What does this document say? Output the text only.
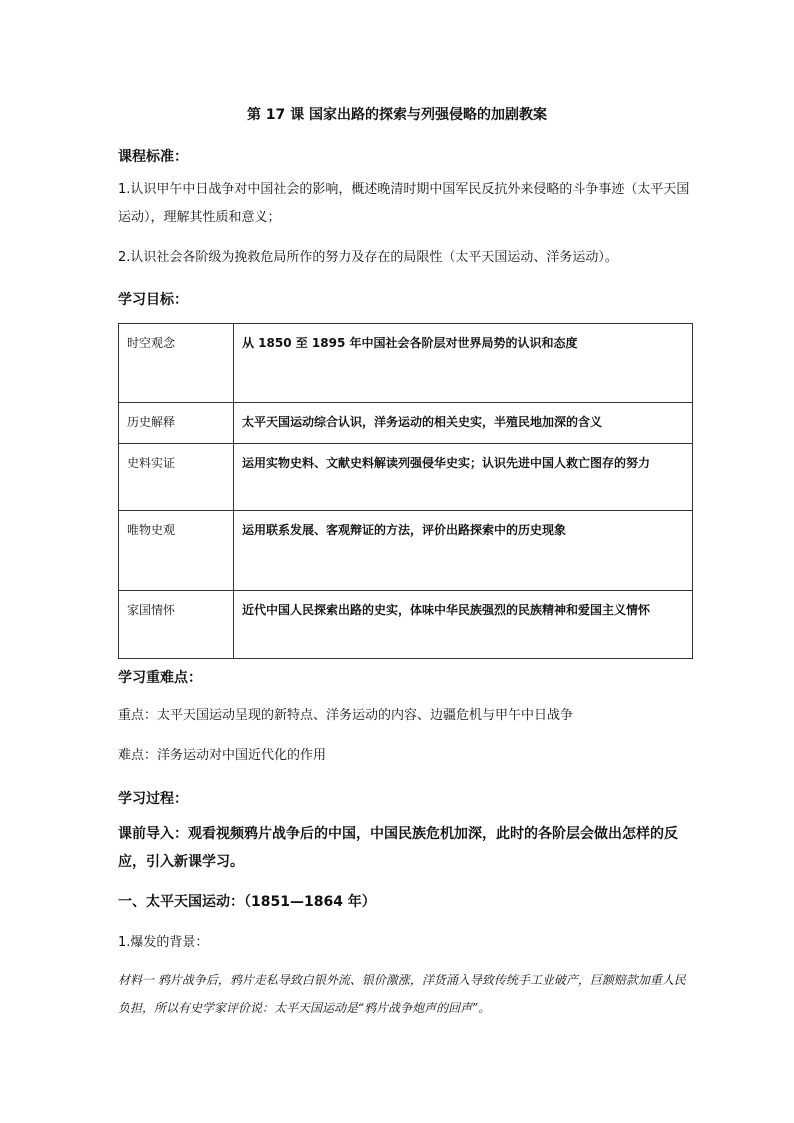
第 17 课 国家出路的探索与列强侵略的加剧教案
课程标准：
1.认识甲午中日战争对中国社会的影响，概述晚清时期中国军民反抗外来侵略的斗争事迹（太平天国运动），理解其性质和意义；
2.认识社会各阶级为挽救危局所作的努力及存在的局限性（太平天国运动、洋务运动）。
学习目标：
时空观念	从 1850 至 1895 年中国社会各阶层对世界局势的认识和态度
历史解释	太平天国运动综合认识，洋务运动的相关史实，半殖民地加深的含义
史料实证	运用实物史料、文献史料解读列强侵华史实；认识先进中国人救亡图存的努力
唯物史观	运用联系发展、客观辩证的方法，评价出路探索中的历史现象
家国情怀	近代中国人民探索出路的史实，体味中华民族强烈的民族精神和爱国主义情怀
学习重难点：
重点：太平天国运动呈现的新特点、洋务运动的内容、边疆危机与甲午中日战争
难点：洋务运动对中国近代化的作用
学习过程：
课前导入：观看视频鸦片战争后的中国，中国民族危机加深，此时的各阶层会做出怎样的反应，引入新课学习。
一、太平天国运动：（1851—1864 年）
1.爆发的背景：
材料一 鸦片战争后，鸦片走私导致白银外流、银价激涨，洋货涌入导致传统手工业破产，巨额赔款加重人民负担，所以有史学家评价说：太平天国运动是“鸦片战争炮声的回声”。
